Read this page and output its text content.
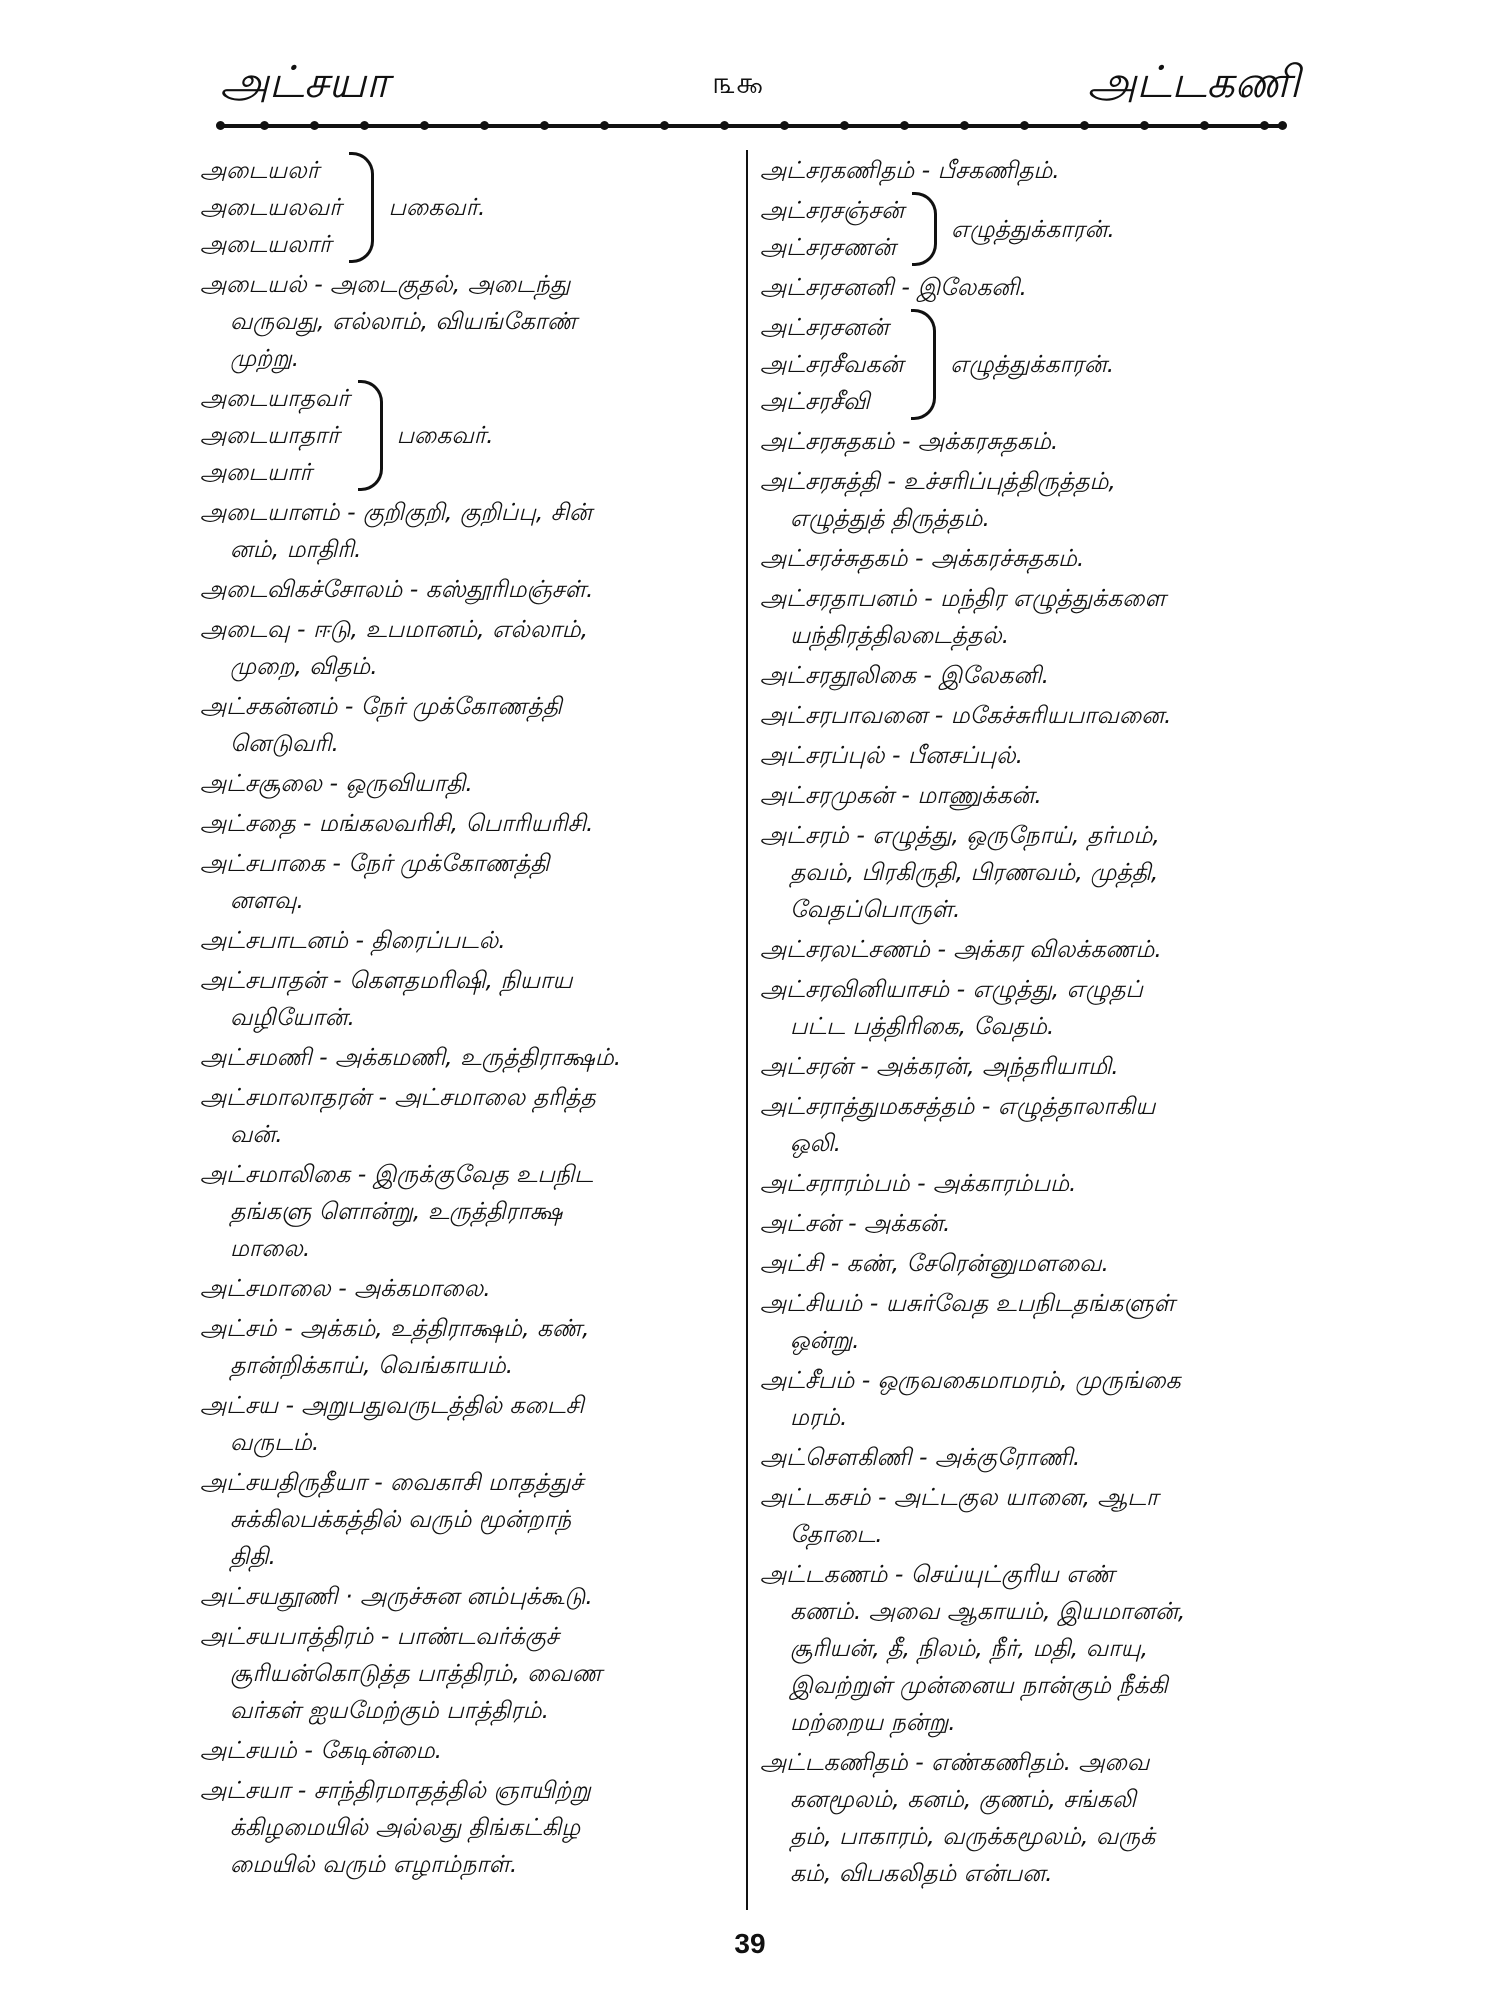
அட்சயா	௩௯	அட்டகணி
அடையலர்
அடையலவர்
அடையலார்
பகைவர்.
அடையல் - அடைகுதல், அடைந்து
வருவது, எல்லாம், வியங்கோண்
முற்று.
அடையாதவர்
அடையாதார்
அடையார்
பகைவர்.
அடையாளம் - குறிகுறி, குறிப்பு, சின்
னம், மாதிரி.
அடைவிகச்சோலம் - கஸ்தூரிமஞ்சள்.
அடைவு - ஈடு, உபமானம், எல்லாம்,
முறை, விதம்.
அட்சகன்னம் - நேர் முக்கோணத்தி
னெடுவரி.
அட்சசூலை - ஒருவியாதி.
அட்சதை - மங்கலவரிசி, பொரியரிசி.
அட்சபாகை - நேர் முக்கோணத்தி
னளவு.
அட்சபாடனம் - திரைப்படல்.
அட்சபாதன் - கௌதமரிஷி, நியாய
வழியோன்.
அட்சமணி - அக்கமணி, உருத்திராக்ஷம்.
அட்சமாலாதரன் - அட்சமாலை தரித்த
வன்.
அட்சமாலிகை - இருக்குவேத உபநிட
தங்களு ளொன்று, உருத்திராக்ஷ
மாலை.
அட்சமாலை - அக்கமாலை.
அட்சம் - அக்கம், உத்திராக்ஷம், கண்,
தான்றிக்காய், வெங்காயம்.
அட்சய - அறுபதுவருடத்தில் கடைசி
வருடம்.
அட்சயதிருதீயா - வைகாசி மாதத்துச்
சுக்கிலபக்கத்தில் வரும் மூன்றாந்
திதி.
அட்சயதூணி · அருச்சுன னம்புக்கூடு.
அட்சயபாத்திரம் - பாண்டவர்க்குச்
சூரியன்கொடுத்த பாத்திரம், வைண
வர்கள் ஐயமேற்கும் பாத்திரம்.
அட்சயம் - கேடின்மை.
அட்சயா - சாந்திரமாதத்தில் ஞாயிற்று
க்கிழமையில் அல்லது திங்கட்கிழ
மையில் வரும் எழாம்நாள்.
அட்சரகணிதம் - பீசகணிதம்.
அட்சரசஞ்சன்
அட்சரசணன்
எழுத்துக்காரன்.
அட்சரசனனி - இலேகனி.
அட்சரசனன்
அட்சரசீவகன்
அட்சரசீவி
எழுத்துக்காரன்.
அட்சரசுதகம் - அக்கரசுதகம்.
அட்சரசுத்தி - உச்சரிப்புத்திருத்தம்,
எழுத்துத் திருத்தம்.
அட்சரச்சுதகம் - அக்கரச்சுதகம்.
அட்சரதாபனம் - மந்திர எழுத்துக்களை
யந்திரத்திலடைத்தல்.
அட்சரதூலிகை - இலேகனி.
அட்சரபாவனை - மகேச்சுரியபாவனை.
அட்சரப்புல் - பீனசப்புல்.
அட்சரமுகன் - மாணுக்கன்.
அட்சரம் - எழுத்து, ஒருநோய், தர்மம்,
தவம், பிரகிருதி, பிரணவம், முத்தி,
வேதப்பொருள்.
அட்சரலட்சணம் - அக்கர விலக்கணம்.
அட்சரவினியாசம் - எழுத்து, எழுதப்
பட்ட பத்திரிகை, வேதம்.
அட்சரன் - அக்கரன், அந்தரியாமி.
அட்சராத்துமகசத்தம் - எழுத்தாலாகிய
ஒலி.
அட்சராரம்பம் - அக்காரம்பம்.
அட்சன் - அக்கன்.
அட்சி - கண், சேரென்னுமளவை.
அட்சியம் - யசுர்வேத உபநிடதங்களுள்
ஒன்று.
அட்சீபம் - ஒருவகைமாமரம், முருங்கை
மரம்.
அட்சௌகிணி - அக்குரோணி.
அட்டகசம் - அட்டகுல யானை, ஆடா
தோடை.
அட்டகணம் - செய்யுட்குரிய எண்
கணம். அவை ஆகாயம், இயமானன்,
சூரியன், தீ, நிலம், நீர், மதி, வாயு,
இவற்றுள் முன்னைய நான்கும் நீக்கி
மற்றைய நன்று.
அட்டகணிதம் - எண்கணிதம். அவை
கனமூலம், கனம், குணம், சங்கலி
தம், பாகாரம், வருக்கமூலம், வருக்
கம், விபகலிதம் என்பன.
39
